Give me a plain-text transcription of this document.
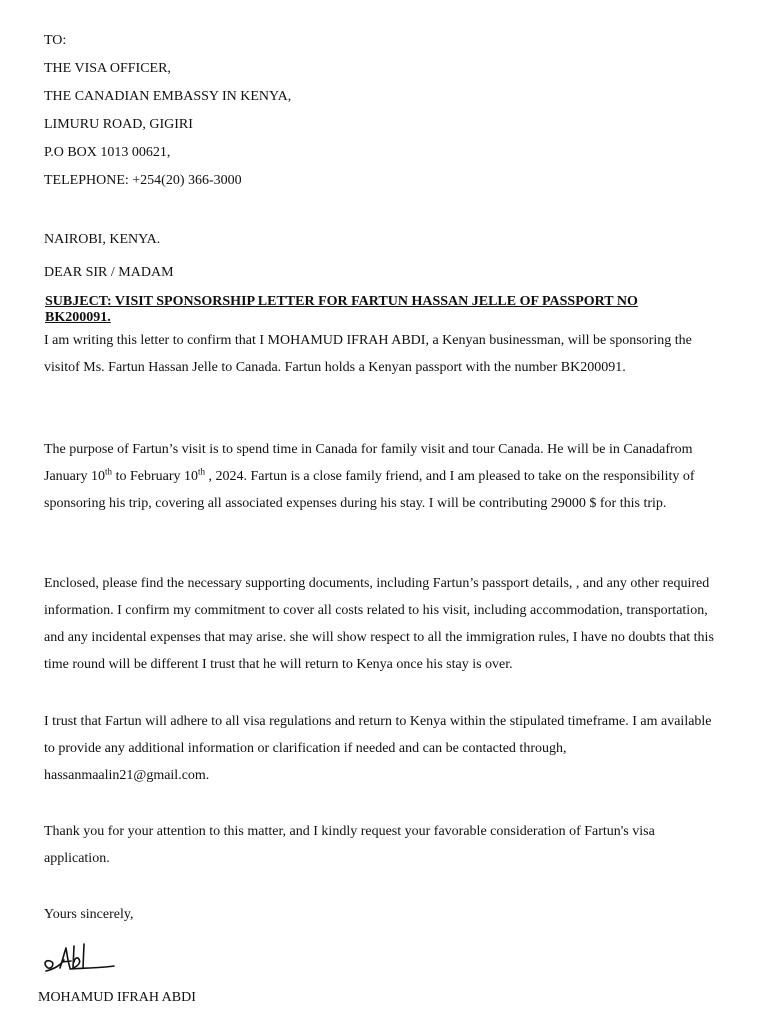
TO:
THE VISA OFFICER,
THE CANADIAN EMBASSY IN KENYA,
LIMURU ROAD, GIGIRI
P.O BOX 1013 00621,
TELEPHONE: +254(20) 366-3000
NAIROBI, KENYA.
DEAR SIR / MADAM
SUBJECT: VISIT SPONSORSHIP LETTER FOR FARTUN HASSAN JELLE OF PASSPORT NO
BK200091.
I am writing this letter to confirm that I MOHAMUD IFRAH ABDI, a Kenyan businessman, will be sponsoring the visitof Ms. Fartun Hassan Jelle to Canada. Fartun holds a Kenyan passport with the number BK200091.
The purpose of Fartun’s visit is to spend time in Canada for family visit and tour Canada. He will be in Canadafrom January 10th to February 10th , 2024. Fartun is a close family friend, and I am pleased to take on the responsibility of sponsoring his trip, covering all associated expenses during his stay. I will be contributing 29000 $ for this trip.
Enclosed, please find the necessary supporting documents, including Fartun’s passport details, , and any other required information. I confirm my commitment to cover all costs related to his visit, including accommodation, transportation, and any incidental expenses that may arise. she will show respect to all the immigration rules, I have no doubts that this time round will be different I trust that he will return to Kenya once his stay is over.
I trust that Fartun will adhere to all visa regulations and return to Kenya within the stipulated timeframe. I am available to provide any additional information or clarification if needed and can be contacted through, hassanmaalin21@gmail.com.
Thank you for your attention to this matter, and I kindly request your favorable consideration of Fartun's visa application.
Yours sincerely,
MOHAMUD IFRAH ABDI
